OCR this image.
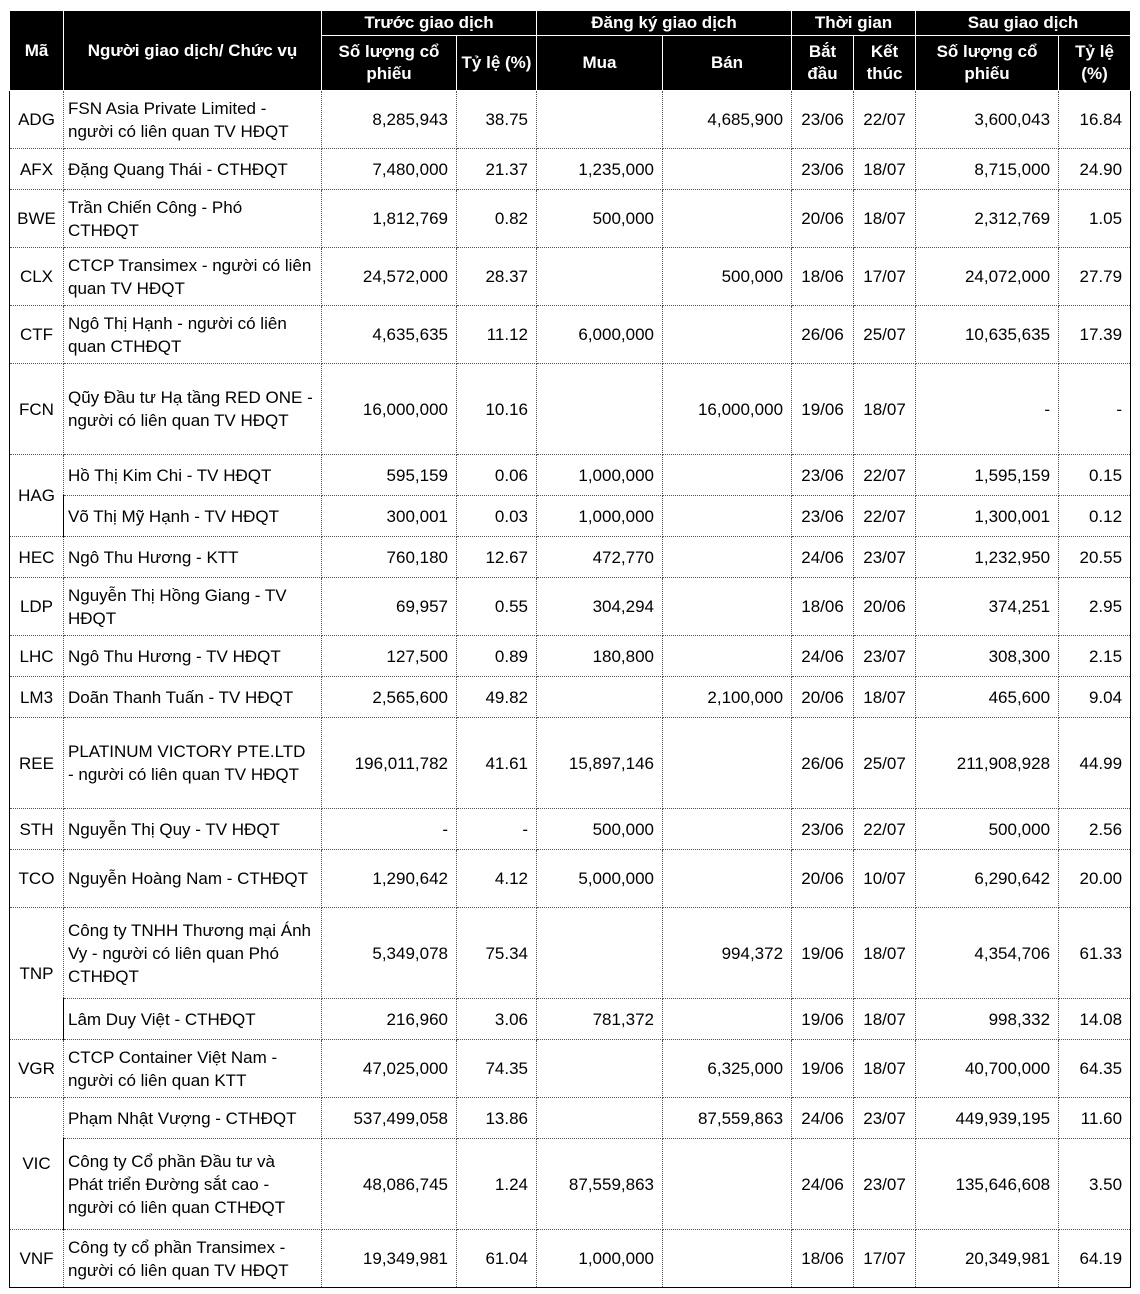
Mã	Người giao dịch/ Chức vụ	Trước giao dịch		Đăng ký giao dịch		Thời gian		Sau giao dịch	
		Số lượng cổ phiếu	Tỷ lệ (%)	Mua	Bán	Bắt đầu	Kết thúc	Số lượng cổ phiếu	Tỷ lệ (%)
ADG	FSN Asia Private Limited - người có liên quan TV HĐQT	8,285,943	38.75		4,685,900	23/06	22/07	3,600,043	16.84
AFX	Đặng Quang Thái - CTHĐQT	7,480,000	21.37	1,235,000		23/06	18/07	8,715,000	24.90
BWE	Trần Chiến Công - Phó CTHĐQT	1,812,769	0.82	500,000		20/06	18/07	2,312,769	1.05
CLX	CTCP Transimex - người có liên quan TV HĐQT	24,572,000	28.37		500,000	18/06	17/07	24,072,000	27.79
CTF	Ngô Thị Hạnh - người có liên quan CTHĐQT	4,635,635	11.12	6,000,000		26/06	25/07	10,635,635	17.39
FCN	Qũy Đầu tư Hạ tầng RED ONE - người có liên quan TV HĐQT	16,000,000	10.16		16,000,000	19/06	18/07	-	-
HAG	Hồ Thị Kim Chi - TV HĐQT	595,159	0.06	1,000,000		23/06	22/07	1,595,159	0.15
	Võ Thị Mỹ Hạnh - TV HĐQT	300,001	0.03	1,000,000		23/06	22/07	1,300,001	0.12
HEC	Ngô Thu Hương - KTT	760,180	12.67	472,770		24/06	23/07	1,232,950	20.55
LDP	Nguyễn Thị Hồng Giang - TV HĐQT	69,957	0.55	304,294		18/06	20/06	374,251	2.95
LHC	Ngô Thu Hương - TV HĐQT	127,500	0.89	180,800		24/06	23/07	308,300	2.15
LM3	Doãn Thanh Tuấn - TV HĐQT	2,565,600	49.82		2,100,000	20/06	18/07	465,600	9.04
REE	PLATINUM VICTORY PTE.LTD - người có liên quan TV HĐQT	196,011,782	41.61	15,897,146		26/06	25/07	211,908,928	44.99
STH	Nguyễn Thị Quy - TV HĐQT	-	-	500,000		23/06	22/07	500,000	2.56
TCO	Nguyễn Hoàng Nam - CTHĐQT	1,290,642	4.12	5,000,000		20/06	10/07	6,290,642	20.00
TNP	Công ty TNHH Thương mại Ánh Vy - người có liên quan Phó CTHĐQT	5,349,078	75.34		994,372	19/06	18/07	4,354,706	61.33
	Lâm Duy Việt - CTHĐQT	216,960	3.06	781,372		19/06	18/07	998,332	14.08
VGR	CTCP Container Việt Nam - người có liên quan KTT	47,025,000	74.35		6,325,000	19/06	18/07	40,700,000	64.35
VIC	Phạm Nhật Vượng - CTHĐQT	537,499,058	13.86		87,559,863	24/06	23/07	449,939,195	11.60
	Công ty Cổ phần Đầu tư và Phát triển Đường sắt cao - người có liên quan CTHĐQT	48,086,745	1.24	87,559,863		24/06	23/07	135,646,608	3.50
VNF	Công ty cổ phần Transimex - người có liên quan TV HĐQT	19,349,981	61.04	1,000,000		18/06	17/07	20,349,981	64.19
